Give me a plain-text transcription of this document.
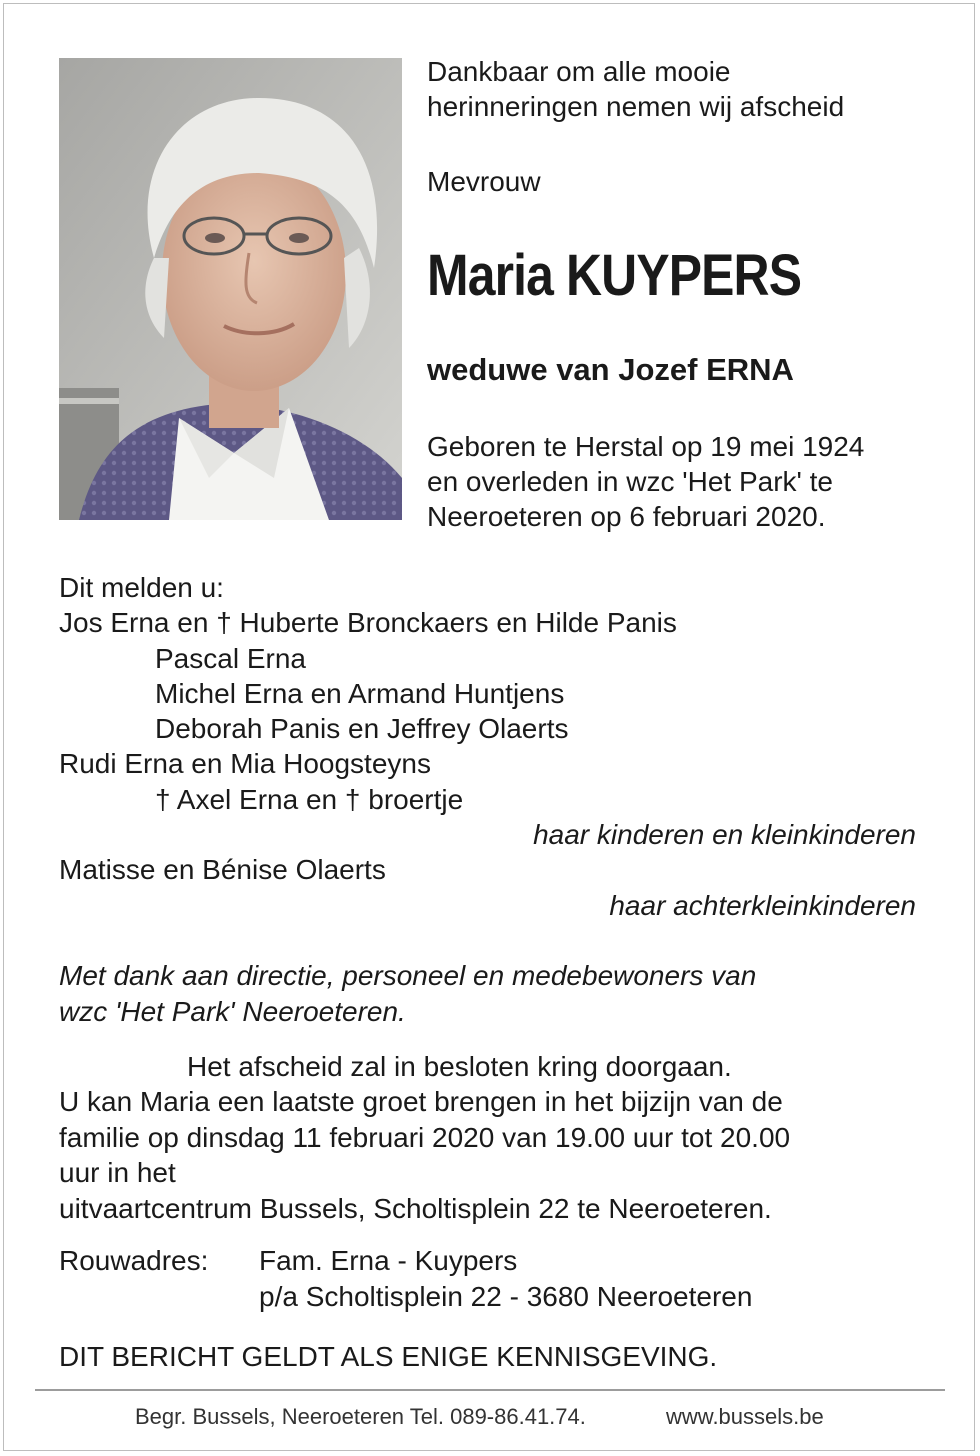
Dankbaar om alle mooie
herinneringen nemen wij afscheid
Mevrouw
Maria KUYPERS
weduwe van Jozef ERNA
Geboren te Herstal op 19 mei 1924
en overleden in wzc 'Het Park' te
Neeroeteren op 6 februari 2020.
Dit melden u:
Jos Erna en † Huberte Bronckaers en Hilde Panis
Pascal Erna
Michel Erna en Armand Huntjens
Deborah Panis en Jeffrey Olaerts
Rudi Erna en Mia Hoogsteyns
† Axel Erna en † broertje
haar kinderen en kleinkinderen
Matisse en Bénise Olaerts
haar achterkleinkinderen
Met dank aan directie, personeel en medebewoners van
wzc 'Het Park' Neeroeteren.
Het afscheid zal in besloten kring doorgaan.
U kan Maria een laatste groet brengen in het bijzijn van de
familie op dinsdag 11 februari 2020 van 19.00 uur tot 20.00
uur in het
uitvaartcentrum Bussels, Scholtisplein 22 te Neeroeteren.
Rouwadres: Fam. Erna - Kuypers
p/a Scholtisplein 22 - 3680 Neeroeteren
DIT BERICHT GELDT ALS ENIGE KENNISGEVING.
Begr. Bussels, Neeroeteren Tel. 089-86.41.74.	www.bussels.be
